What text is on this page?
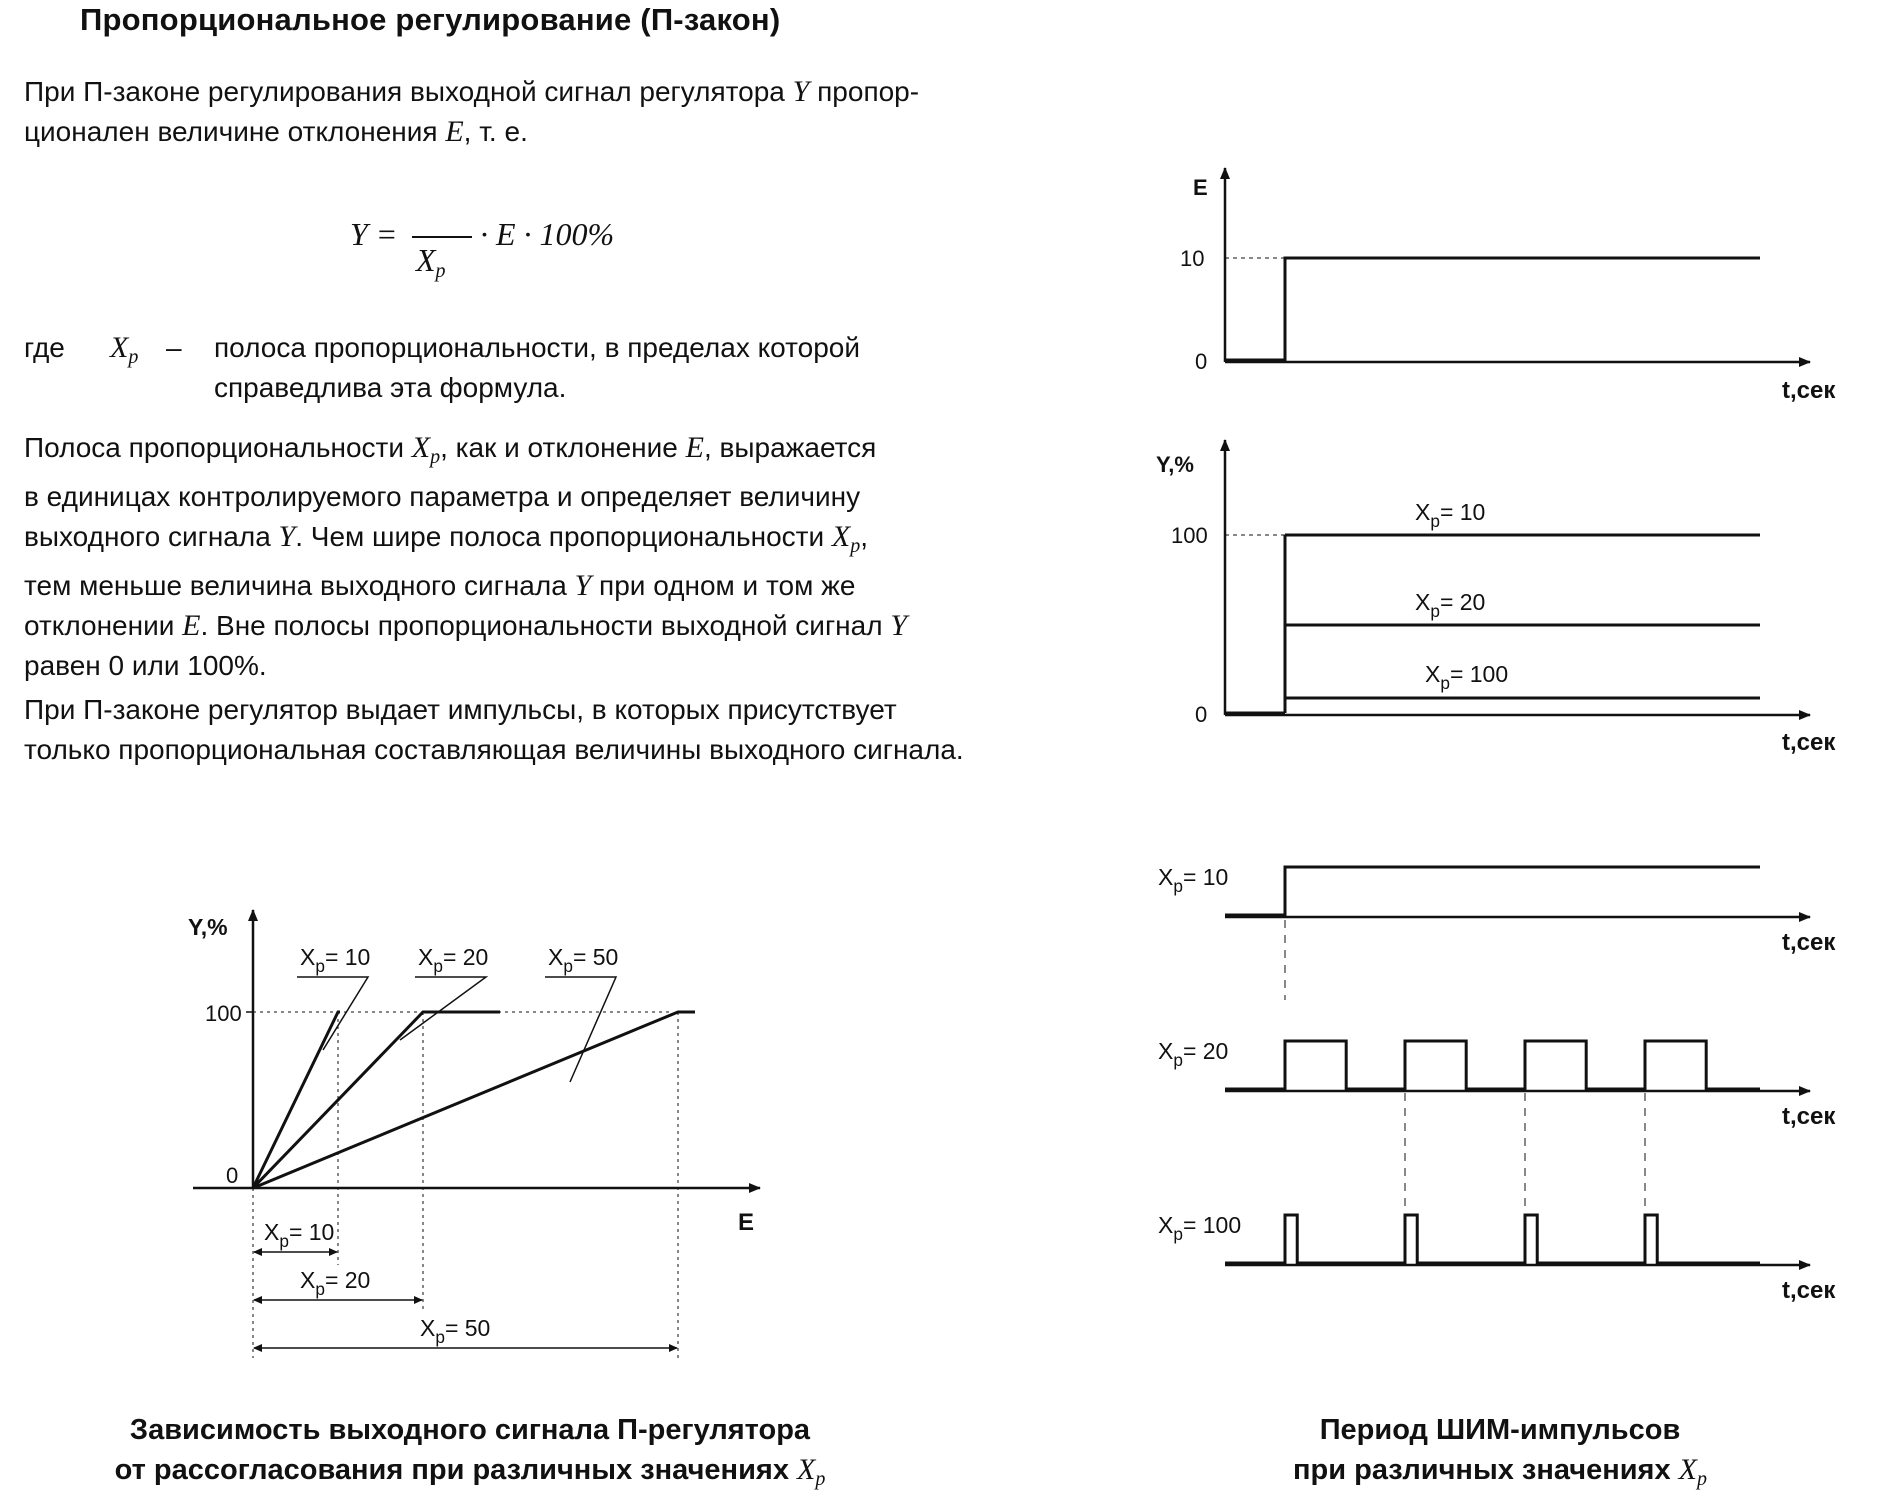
Пропорциональное регулирование (П-закон)
При П-законе регулирования выходной сигнал регулятора Y пропор-
ционален величине отклонения E, т. е.
Y =
Xp
· E · 100%
где $X_p$ – полоса пропорциональности, в пределах которой
справедлива эта формула.
Полоса пропорциональности $X_p$, как и отклонение E, выражается
в единицах контролируемого параметра и определяет величину
выходного сигнала Y. Чем шире полоса пропорциональности $X_p$,
тем меньше величина выходного сигнала Y при одном и том же
отклонении E. Вне полосы пропорциональности выходной сигнал Y
равен 0 или 100%.
При П-законе регулятор выдает импульсы, в которых присутствует
только пропорциональная составляющая величины выходного сигнала.
Y,%
E
100
0
$X_p= 10$ $X_p= 20$	$X_p= 50$
$X_p= 10$
$X_p= 20$
$X_p= 50$
E
10
0
t,сек
Y,%
100
0
t,сек
$X_p= 10$
$X_p= 20$
$X_p= 100$
$X_p= 10$
$X_p= 20$
$X_p= 100$
t,сек
t,сек
t,сек
Зависимость выходного сигнала П-регулятора
от рассогласования при различных значениях $X_p$
Период ШИМ-импульсов
при различных значениях $X_p$
